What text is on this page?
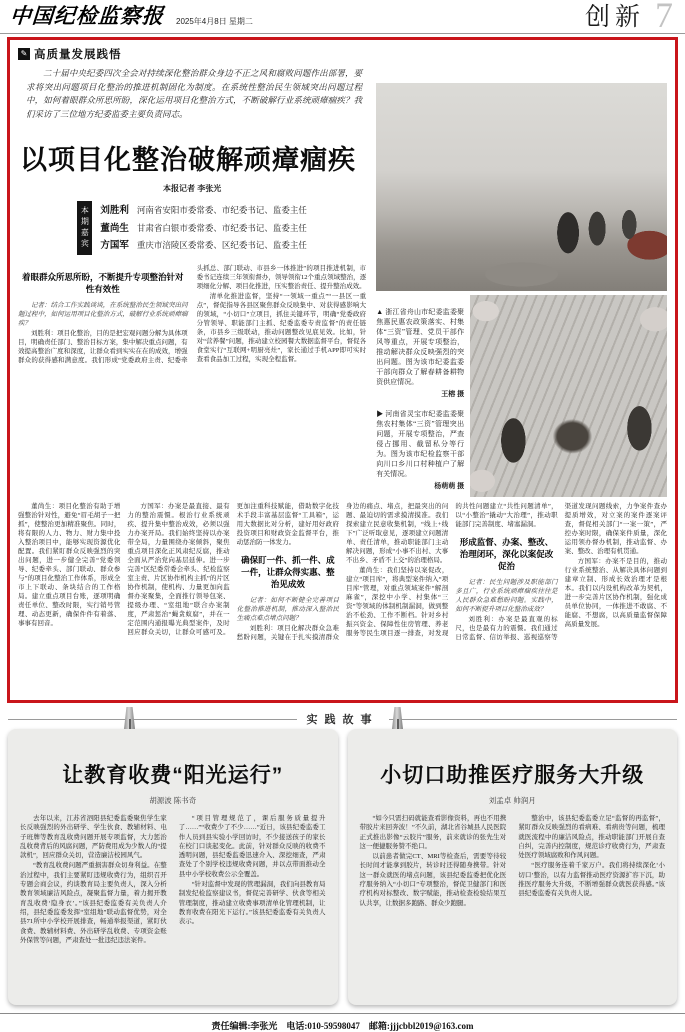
中国纪检监察报 2025年4月8日 星期二	创新 7
✎ 高质量发展践悟
二十届中央纪委四次全会对持续深化整治群众身边不正之风和腐败问题作出部署，要求将突出问题项目化整治的推进机制固化为制度。在系统性整治民生领域突出问题过程中，如何着眼群众所思所盼，深化运用项目化整治方式，不断破解行业系统顽瘴痼疾？我们采访了三位地方纪委监委主要负责同志。
以项目化整治破解顽瘴痼疾
本报记者 李张光
本期嘉宾	刘胜利 河南省安阳市委常委、市纪委书记、监委主任
董尚生 甘肃省白银市委常委、市纪委书记、监委主任
方国军 重庆市涪陵区委常委、区纪委书记、监委主任

着眼群众所思所盼，不断提升专项整治针对性有效性

记者：结合工作实践谈谈，在系统整治民生领域突出问题过程中，如何运用项目化整治方式，破解行业系统顽瘴痼疾？

刘胜利：项目化整治，目的是把宏观问题分解为具体项目，明确责任部门、整治目标方案，集中解决重点问题，有效提高整治广度和深度，让群众看到实实在在的成效，增强群众的获得感和满意度。我们形成“党委政府主责、纪委牵头抓总、部门联动、市县乡一体推进”的项目推进机制，市委书记连续三年领衔督办，领导领衔12个重点领域整治，逐项细化分解、项目化推进，压实整治责任、提升整治成效。

清单化推进监督，坚持“一领域一重点”“一县区一重点”，督促指导各县区聚焦群众反映集中、对获得感影响大的领域，“小切口”立项目，抓住关键环节，明确“党委政府分管领导、职能部门主抓、纪委监委专责监督”的责任链条，市县乡三级联动，推动问题整改见底见效。比如，针对“营养餐”问题，推动建立校园餐大数据监督平台，督促各食堂实行“互联网+明厨亮灶”，家长通过手机APP即可实时查看食品加工过程，实现全程监督。

▲ 浙江省舟山市纪委监委聚焦惠民惠农政策落实、村集体“三资”管理、党员干部作风等重点，开展专项整治，推动解决群众反映强烈的突出问题。图为该市纪委监委干部向群众了解春耕备耕物资供应情况。
王榕 摄
▶ 河南省灵宝市纪委监委聚焦农村集体“三资”管理突出问题，开展专项整治，严查侵占挪用、截留私分等行为。图为该市纪检监察干部向川口乡川口村种植户了解有关情况。
杨萌萌 摄

董尚生：项目化整治有助于增强整治针对性，避免“眉毛胡子一把抓”，使整治更加精准聚焦。同时，将有限的人力、物力、财力集中投入整治项目中，能够实现资源优化配置。我们紧盯群众反映强烈的突出问题，进一步健全完善“党委领导、纪委牵头、部门联动、群众参与”的项目化整治工作体系，形成全市上下联动、条块结合的工作格局。建立重点项目台账，逐项明确责任单位、整改时限，实行销号管理、动态更新，确保件件有着落、事事有回音。

方国军：办案是最直接、最有力的整治震慑。根治行业系统顽疾、提升集中整治成效，必须以强力办案开局。我们始终坚持以办案带全局，力量围绕办案倾斜，聚焦重点项目深化正风肃纪反腐，推动全面从严治党向基层延伸。进一步完善“区纪委常委会牵头、纪检监察室主责、片区协作机构主抓”的片区协作机制，使机构、力量更加向监督办案聚集，全面推行领导包案、提级办理、“室组地”联合办案制度，严肃惩治“蝇贪蚁腐”，并在一定范围内通报曝光典型案件，及时回应群众关切，让群众可感可及。更加注重科技赋能，借助数字化技术手段丰富基层监督“工具箱”，运用大数据比对分析，建好用好政府投资项目和财政资金监督平台，推动惩治防一体发力。

确保盯一件、抓一件、成一件，让群众得实惠、整治见成效

记者：如何不断健全完善项目化整治推进机制，推动深入整治民生痛点难点堵点问题？

刘胜利：项目化解决群众急难愁盼问题，关键在于扎实摸清群众身边的痛点、堵点，把最突出的问题、最迫切的需求摸清摸准。我们探索建立民意收集机制，“线上+线下”广泛听取意见，逐项建立问题清单、责任清单，推动职能部门主动解决问题，形成“小事不出村、大事不出乡、矛盾不上交”的治理格局。

董尚生：我们坚持以案促改，建立“项目库”，将典型案件纳入“项目库”管理，对重点领域案件“解剖麻雀”，深挖中小学、村集体“三资”等领域的体制机制漏洞，做到整治不松劲、工作不断档。针对乡村振兴资金、保障性住房管理、养老服务等民生项目逐一排查，对发现的共性问题建立“共性问题清单”，以“小整治”撬动“大治理”，推动职能部门完善制度、堵塞漏洞。

形成监督、办案、整改、治理闭环，深化以案促改促治

记者：民生问题涉及职能部门多且广，行业系统顽瘴痼疾往往是人民群众急难愁盼问题。实践中，如何不断提升项目化整治成效？

刘胜利：办案是最直观的标尺，也是最有力的震慑。我们通过日常监督、信访举报、巡视巡察等渠道发现问题线索，力争案件查办提质增效，对立案的案件逐案评查，督促相关部门“一案一策”，严控办案时限，确保案件质量，深化运用领办督办机制，推动监督、办案、整改、治理有机贯通。

方国军：办案不是目的，推动行业系统整治、从解决具体问题到建章立制、形成长效治理才是根本。我们以内设机构改革为契机，进一步完善片区协作机制，强化成员单位协同，一体推进不敢腐、不能腐、不想腐，以高质量监督保障高质量发展。

实践故事
让教育收费“阳光运行”
胡源波 陈书奇

去年以来，江苏省泗阳县纪委监委聚焦学生家长反映强烈的外出研学、学生伙食、教辅材料、电子班牌等教育乱收费问题开展专项监督，大力惩治乱收费背后的风腐问题，严防费用成为少数人的“提款机”，回应群众关切，营造廉洁校园风气。

“教育乱收费问题严重损害群众切身利益。在整治过程中，我们主要紧盯违规收费行为，组织召开专题会商会议，约谈教育局主要负责人，深入分析教育领域廉洁风险点，凝聚监督力量，着力揭开教育乱收费‘隐身衣’。”该县纪委监委有关负责人介绍，县纪委监委发挥“室组地”联动监督优势，对全县71所中小学校开展排查，畅通举报渠道，紧盯伙食费、教辅材料费、外出研学乱收费、专项资金账外保管等问题，严肃查处一批违纪违法案件。

“项目管理规范了，课后服务质量提升了……”“收费少了不少……”近日，该县纪委监委工作人员到县实验小学回访时，不少接送孩子的家长在校门口谈起变化。此前，针对群众反映的收费不透明问题，县纪委监委迅速介入、深挖细查，严肃查处了个别学校违规收费问题，并以点带面推动全县中小学校收费公示全覆盖。

“针对监督中发现的管理漏洞，我们向县教育局制发纪检监察建议书，督促完善研学、伙食等相关管理制度，推动建立收费事项清单化管理机制，让教育收费在阳光下运行。”该县纪委监委有关负责人表示。

小切口助推医疗服务大升级
刘孟卓 帅润月

“如今只需扫码就能查看影像资料，再也不用携带胶片来回奔波！”不久前，湖北省谷城县人民医院正式推出影像“云胶片”服务，前来就诊的张先生对这一便捷服务赞不绝口。

以前患者做完CT、MRI等检查后，需要等待较长时间才能拿到胶片，转诊时还得随身携带。针对这一群众就医的堵点问题，该县纪委监委把优化医疗服务纳入“小切口”专项整治，督促卫健部门和医疗机构对标整改、数字赋能，推动检查检验结果互认共享，让数据多跑路、群众少跑腿。

整治中，该县纪委监委立足“监督的再监督”，紧盯群众反映强烈的看病难、看病贵等问题，梳理就医流程中的廉洁风险点，推动职能部门开展自查自纠，完善内控制度，规范诊疗收费行为，严肃查处医疗领域腐败和作风问题。

“医疗服务连着千家万户。我们将持续深化‘小切口’整治，以有力监督推动医疗资源扩容下沉，助推医疗服务大升级，不断增强群众就医获得感。”该县纪委监委有关负责人说。

责任编辑:李张光　电话:010-59598047　邮箱:jjjcbbl2019@163.com
